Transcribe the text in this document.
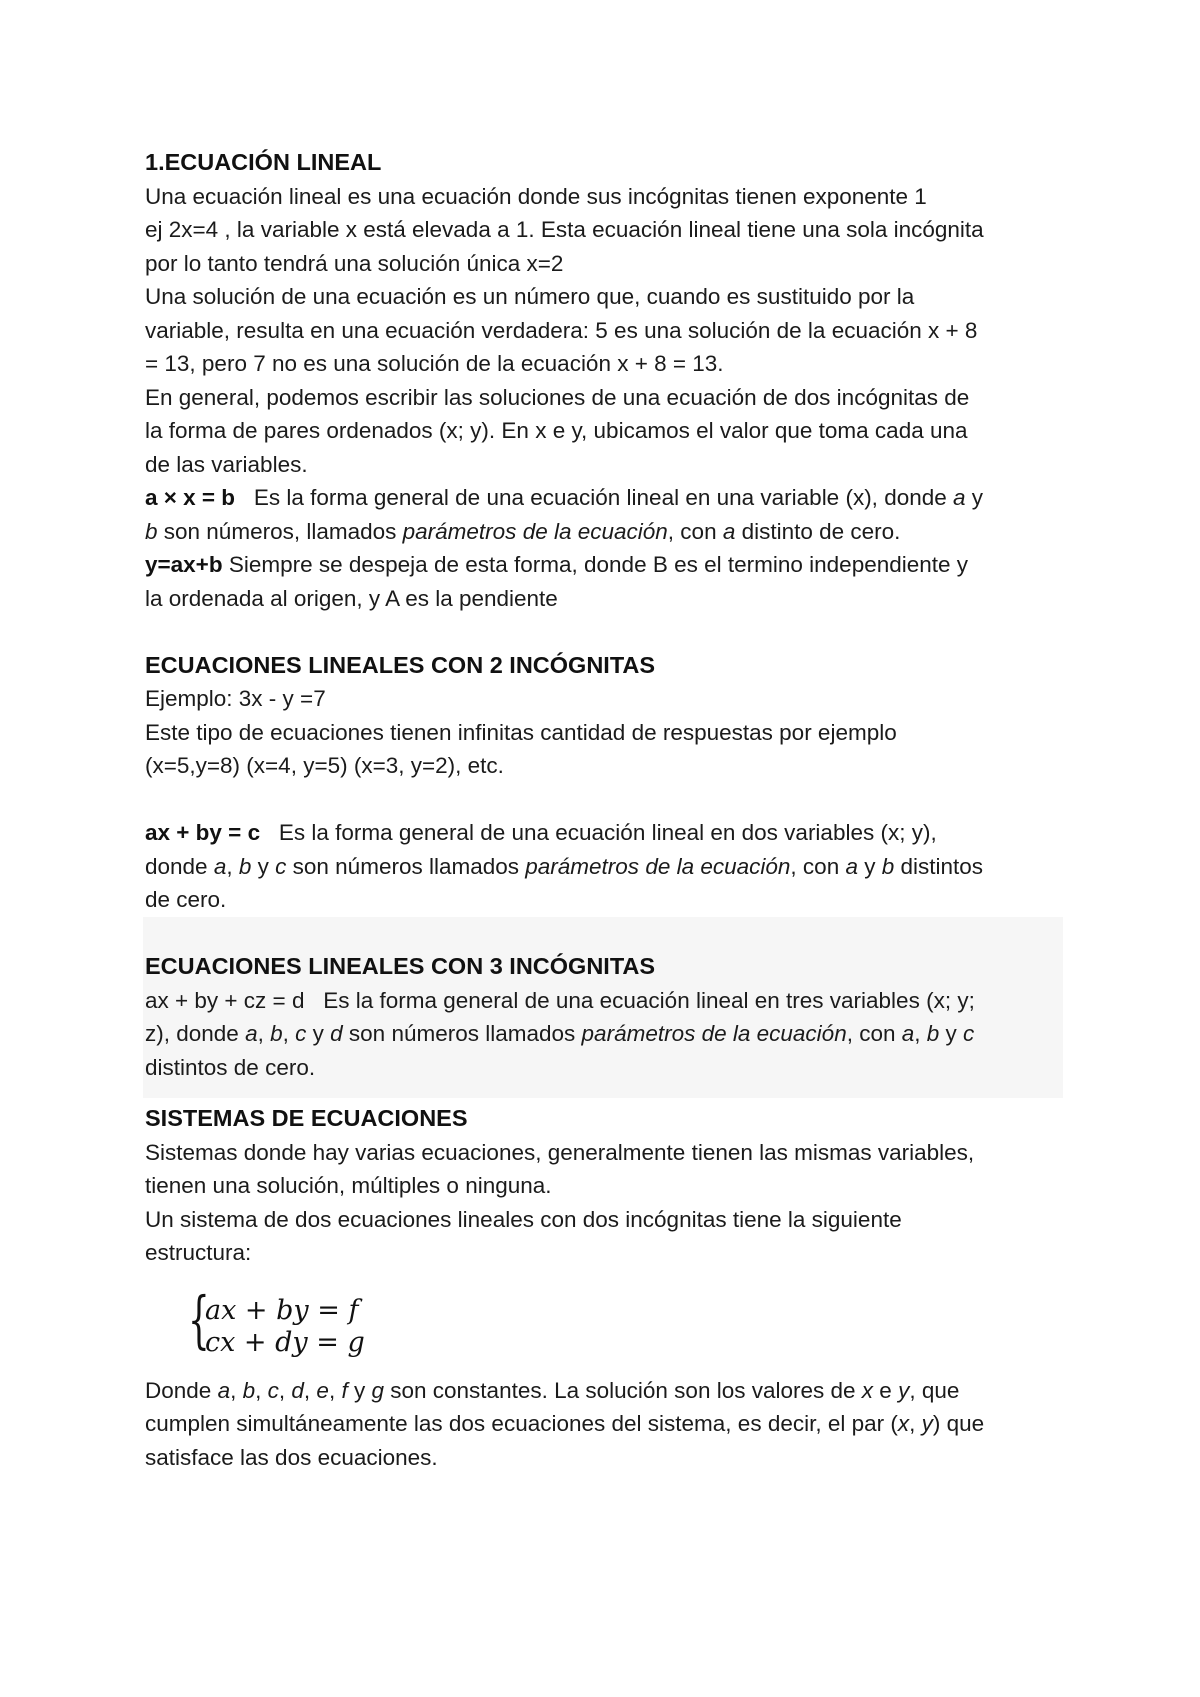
1.ECUACIÓN LINEAL

Una ecuación lineal es una ecuación donde sus incógnitas tienen exponente 1

ej 2x=4 , la variable x está elevada a 1. Esta ecuación lineal tiene una sola incógnita

por lo tanto tendrá una solución única x=2

Una solución de una ecuación es un número que, cuando es sustituido por la

variable, resulta en una ecuación verdadera: 5 es una solución de la ecuación x + 8

= 13, pero 7 no es una solución de la ecuación x + 8 = 13.

En general, podemos escribir las soluciones de una ecuación de dos incógnitas de

la forma de pares ordenados (x; y). En x e y, ubicamos el valor que toma cada una

de las variables.

a × x = b   Es la forma general de una ecuación lineal en una variable (x), donde a y

b son números, llamados parámetros de la ecuación, con a distinto de cero.

y=ax+b Siempre se despeja de esta forma, donde B es el termino independiente y

la ordenada al origen, y A es la pendiente

ECUACIONES LINEALES CON 2 INCÓGNITAS

Ejemplo: 3x - y =7

Este tipo de ecuaciones tienen infinitas cantidad de respuestas por ejemplo

(x=5,y=8) (x=4, y=5) (x=3, y=2), etc.

ax + by = c   Es la forma general de una ecuación lineal en dos variables (x; y),

donde a, b y c son números llamados parámetros de la ecuación, con a y b distintos

de cero.

ECUACIONES LINEALES CON 3 INCÓGNITAS

ax + by + cz = d   Es la forma general de una ecuación lineal en tres variables (x; y;

z), donde a, b, c y d son números llamados parámetros de la ecuación, con a, b y c

distintos de cero.

SISTEMAS DE ECUACIONES

Sistemas donde hay varias ecuaciones, generalmente tienen las mismas variables,

tienen una solución, múltiples o ninguna.

Un sistema de dos ecuaciones lineales con dos incógnitas tiene la siguiente

estructura:

{
ax + by = f
cx + dy = g

Donde a, b, c, d, e, f y g son constantes. La solución son los valores de x e y, que

cumplen simultáneamente las dos ecuaciones del sistema, es decir, el par (x, y) que

satisface las dos ecuaciones.
